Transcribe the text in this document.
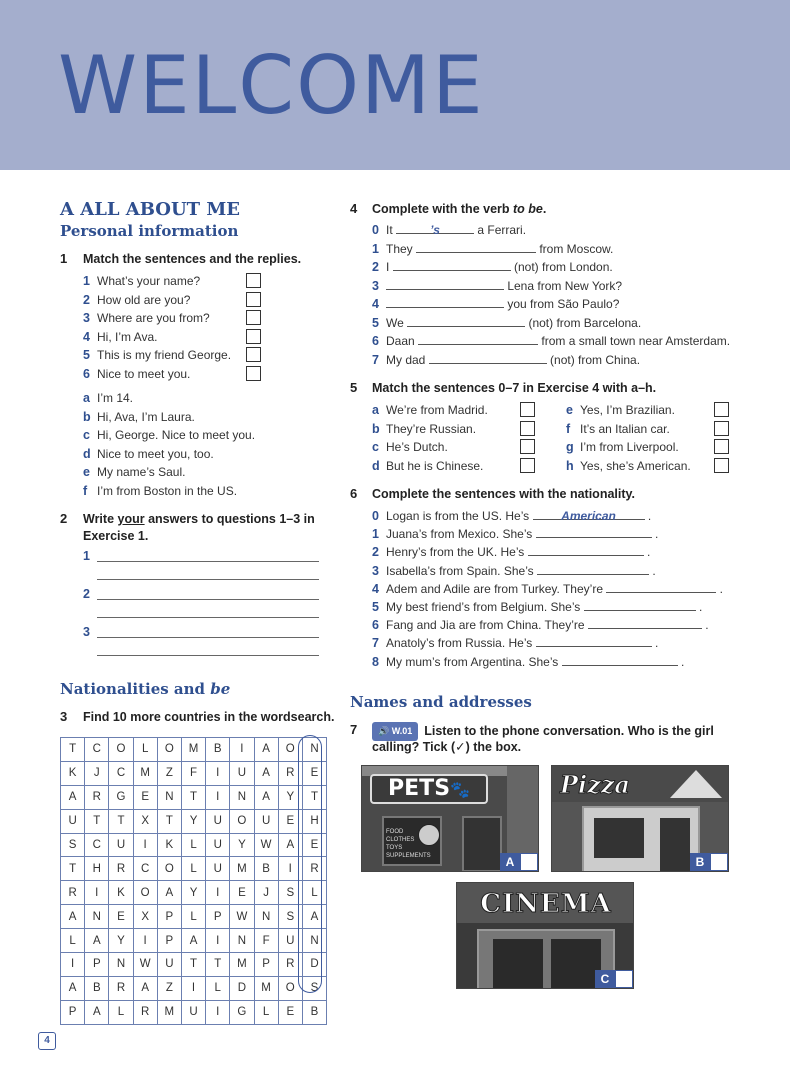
WELCOME
A ALL ABOUT ME
Personal information
1 Match the sentences and the replies.
1 What’s your name?
2 How old are you?
3 Where are you from?
4 Hi, I’m Ava.
5 This is my friend George.
6 Nice to meet you.
a I’m 14.
b Hi, Ava, I’m Laura.
c Hi, George. Nice to meet you.
d Nice to meet you, too.
e My name’s Saul.
f I’m from Boston in the US.
2 Write your answers to questions 1–3 in
Exercise 1.
1
2
3
Nationalities and be
3 Find 10 more countries in the wordsearch.
T	C	O	L	O	M	B	I	A	O	N
K	J	C	M	Z	F	I	U	A	R	E
A	R	G	E	N	T	I	N	A	Y	T
U	T	T	X	T	Y	U	O	U	E	H
S	C	U	I	K	L	U	Y	W	A	E
T	H	R	C	O	L	U	M	B	I	R
R	I	K	O	A	Y	I	E	J	S	L
A	N	E	X	P	L	P	W	N	S	A
L	A	Y	I	P	A	I	N	F	U	N
I	P	N	W	U	T	T	M	P	R	D
A	B	R	A	Z	I	L	D	M	O	S
P	A	L	R	M	U	I	G	L	E	B
4 Complete with the verb to be.
0 It	’s	a Ferrari.
1 They	from Moscow.
2 I	(not) from London.
3	Lena from New York?
4	you from São Paulo?
5 We	(not) from Barcelona.
6 Daan	from a small town near Amsterdam.
7 My dad	(not) from China.
5 Match the sentences 0–7 in Exercise 4 with a–h.
a We’re from Madrid.
b They’re Russian.
c He’s Dutch.
d But he is Chinese.
e Yes, I’m Brazilian.
f It’s an Italian car.
g I’m from Liverpool.
h Yes, she’s American.
6 Complete the sentences with the nationality.
0 Logan is from the US. He’s American .
1 Juana’s from Mexico. She’s	.
2 Henry’s from the UK. He’s	.
3 Isabella’s from Spain. She’s	.
4 Adem and Adile are from Turkey. They’re	.
5 My best friend’s from Belgium. She’s	.
6 Fang and Jia are from China. They’re	.
7 Anatoly’s from Russia. He’s	.
8 My mum’s from Argentina. She’s	.
Names and addresses
7	🔊 W.01 Listen to the phone conversation. Who is the girl
calling? Tick (✓) the box.
PETS🐾
FOOD
CLOTHES
TOYS
SUPPLEMENTS	A
Pizza
B
CINEMA
C
4
